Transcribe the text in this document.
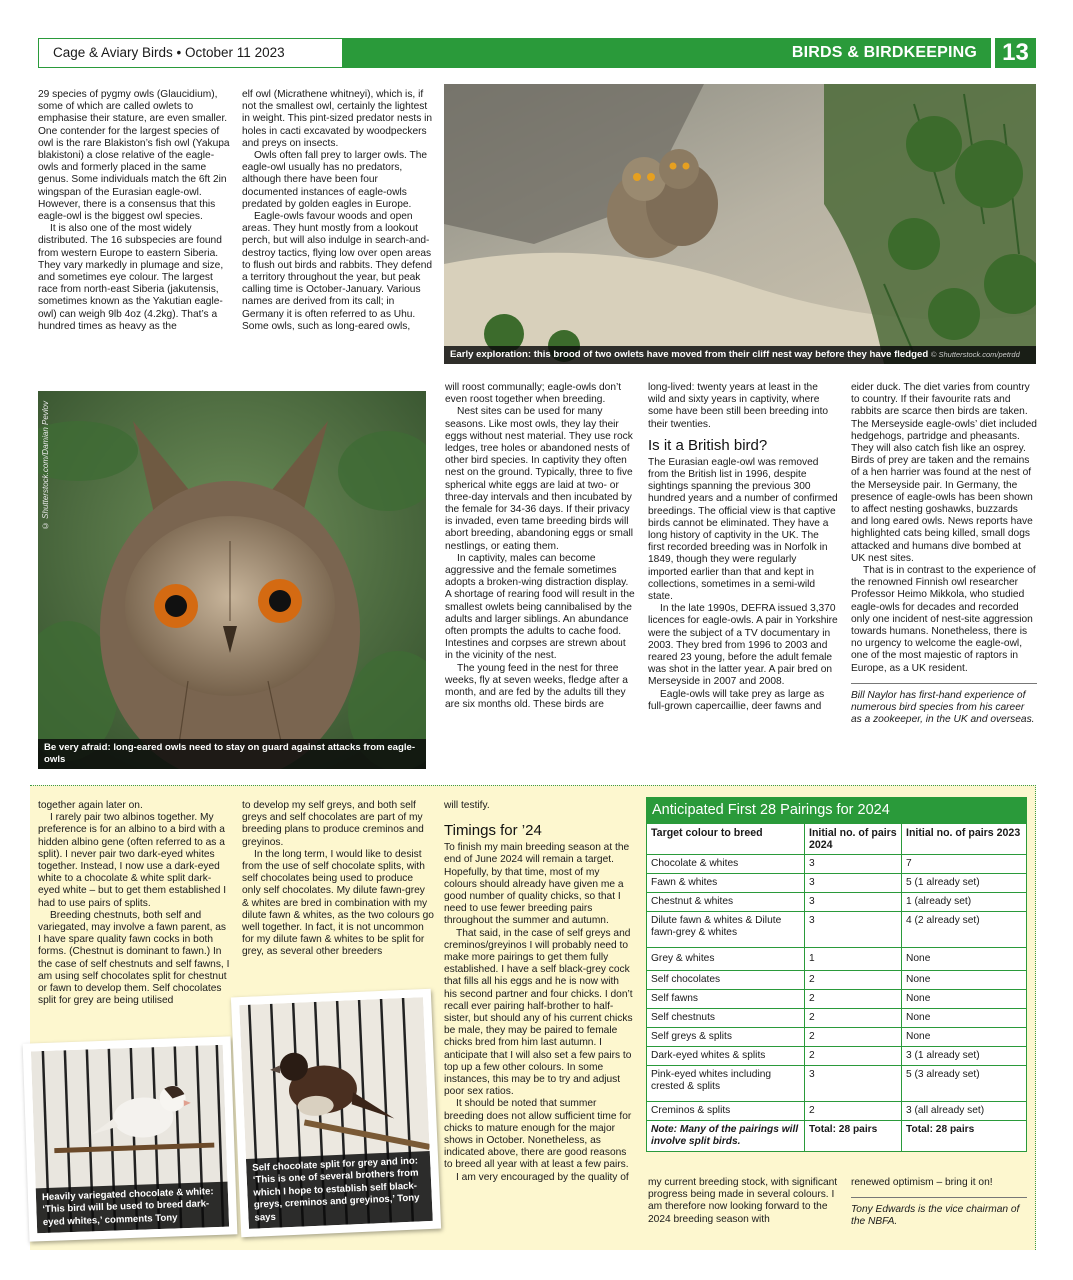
Cage & Aviary Birds • October 11 2023	BIRDS & BIRDKEEPING	13

29 species of pygmy owls (Glaucidium), some of which are called owlets to emphasise their stature, are even smaller. One contender for the largest species of owl is the rare Blakiston’s fish owl (Yakupa blakistoni) a close relative of the eagle-owls and formerly placed in the same genus. Some individuals match the 6ft 2in wingspan of the Eurasian eagle-owl. However, there is a consensus that this eagle-owl is the biggest owl species.

It is also one of the most widely distributed. The 16 subspecies are found from western Europe to eastern Siberia. They vary markedly in plumage and size, and sometimes eye colour. The largest race from north-east Siberia (jakutensis, sometimes known as the Yakutian eagle-owl) can weigh 9lb 4oz (4.2kg). That’s a hundred times as heavy as the

elf owl (Micrathene whitneyi), which is, if not the smallest owl, certainly the lightest in weight. This pint-sized predator nests in holes in cacti excavated by woodpeckers and preys on insects.

Owls often fall prey to larger owls. The eagle-owl usually has no predators, although there have been four documented instances of eagle-owls predated by golden eagles in Europe.

Eagle-owls favour woods and open areas. They hunt mostly from a lookout perch, but will also indulge in search-and-destroy tactics, flying low over open areas to flush out birds and rabbits. They defend a territory throughout the year, but peak calling time is October-January. Various names are derived from its call; in Germany it is often referred to as Uhu. Some owls, such as long-eared owls,

will roost communally; eagle-owls don’t even roost together when breeding.

Nest sites can be used for many seasons. Like most owls, they lay their eggs without nest material. They use rock ledges, tree holes or abandoned nests of other bird species. In captivity they often nest on the ground. Typically, three to five spherical white eggs are laid at two- or three-day intervals and then incubated by the female for 34-36 days. If their privacy is invaded, even tame breeding birds will abort breeding, abandoning eggs or small nestlings, or eating them.

In captivity, males can become aggressive and the female sometimes adopts a broken-wing distraction display. A shortage of rearing food will result in the smallest owlets being cannibalised by the adults and larger siblings. An abundance often prompts the adults to cache food. Intestines and corpses are strewn about in the vicinity of the nest.

The young feed in the nest for three weeks, fly at seven weeks, fledge after a month, and are fed by the adults till they are six months old. These birds are

long-lived: twenty years at least in the wild and sixty years in captivity, where some have been still been breeding into their twenties.

Is it a British bird?

The Eurasian eagle-owl was removed from the British list in 1996, despite sightings spanning the previous 300 hundred years and a number of confirmed breedings. The official view is that captive birds cannot be eliminated. They have a long history of captivity in the UK. The first recorded breeding was in Norfolk in 1849, though they were regularly imported earlier than that and kept in collections, sometimes in a semi-wild state.

In the late 1990s, DEFRA issued 3,370 licences for eagle-owls. A pair in Yorkshire were the subject of a TV documentary in 2003. They bred from 1996 to 2003 and reared 23 young, before the adult female was shot in the latter year. A pair bred on Merseyside in 2007 and 2008.

Eagle-owls will take prey as large as full-grown capercaillie, deer fawns and

eider duck. The diet varies from country to country. If their favourite rats and rabbits are scarce then birds are taken. The Merseyside eagle-owls’ diet included hedgehogs, partridge and pheasants. They will also catch fish like an osprey. Birds of prey are taken and the remains of a hen harrier was found at the nest of the Merseyside pair. In Germany, the presence of eagle-owls has been shown to affect nesting goshawks, buzzards and long eared owls. News reports have highlighted cats being killed, small dogs attacked and humans dive bombed at UK nest sites.

That is in contrast to the experience of the renowned Finnish owl researcher Professor Heimo Mikkola, who studied eagle-owls for decades and recorded only one incident of nest-site aggression towards humans. Nonetheless, there is no urgency to welcome the eagle-owl, one of the most majestic of raptors in Europe, as a UK resident.

Bill Naylor has first-hand experience of numerous bird species from his career as a zookeeper, in the UK and overseas.

Early exploration: this brood of two owlets have moved from their cliff nest way before they have fledged © Shutterstock.com/petrdd
© Shutterstock.com/Damian Pevlov
Be very afraid: long-eared owls need to stay on guard against attacks from eagle-owls

together again later on.

I rarely pair two albinos together. My preference is for an albino to a bird with a hidden albino gene (often referred to as a split). I never pair two dark-eyed whites together. Instead, I now use a dark-eyed white to a chocolate & white split dark-eyed white – but to get them established I had to use pairs of splits.

Breeding chestnuts, both self and variegated, may involve a fawn parent, as I have spare quality fawn cocks in both forms. (Chestnut is dominant to fawn.) In the case of self chestnuts and self fawns, I am using self chocolates split for chestnut or fawn to develop them. Self chocolates split for grey are being utilised

to develop my self greys, and both self greys and self chocolates are part of my breeding plans to produce creminos and greyinos.

In the long term, I would like to desist from the use of self chocolate splits, with self chocolates being used to produce only self chocolates. My dilute fawn-grey & whites are bred in combination with my dilute fawn & whites, as the two colours go well together. In fact, it is not uncommon for my dilute fawn & whites to be split for grey, as several other breeders

will testify.

Timings for ’24

To finish my main breeding season at the end of June 2024 will remain a target. Hopefully, by that time, most of my colours should already have given me a good number of quality chicks, so that I need to use fewer breeding pairs throughout the summer and autumn.

That said, in the case of self greys and creminos/greyinos I will probably need to make more pairings to get them fully established. I have a self black-grey cock that fills all his eggs and he is now with his second partner and four chicks. I don’t recall ever pairing half-brother to half-sister, but should any of his current chicks be male, they may be paired to female chicks bred from him last autumn. I anticipate that I will also set a few pairs to top up a few other colours. In some instances, this may be to try and adjust poor sex ratios.

It should be noted that summer breeding does not allow sufficient time for chicks to mature enough for the major shows in October. Nonetheless, as indicated above, there are good reasons to breed all year with at least a few pairs.

I am very encouraged by the quality of	my current breeding stock, with significant progress being made in several colours. I am therefore now looking forward to the 2024 breeding season with

renewed optimism – bring it on!

Tony Edwards is the vice chairman of the NBFA.

Anticipated First 28 Pairings for 2024
Target colour to breed	Initial no. of pairs 2024	Initial no. of pairs 2023
Chocolate & whites	3	7
Fawn & whites	3	5 (1 already set)
Chestnut & whites	3	1 (already set)
Dilute fawn & whites & Dilute fawn-grey & whites	3	4 (2 already set)
Grey & whites	1	None
Self chocolates	2	None
Self fawns	2	None
Self chestnuts	2	None
Self greys & splits	2	None
Dark-eyed whites & splits	2	3 (1 already set)
Pink-eyed whites including crested & splits	3	5 (3 already set)
Creminos & splits	2	3 (all already set)
Note: Many of the pairings will involve split birds.	Total: 28 pairs	Total: 28 pairs
Heavily variegated chocolate & white: ‘This bird will be used to breed dark-eyed whites,’ comments Tony
Self chocolate split for grey and ino: ‘This is one of several brothers from which I hope to establish self black-greys, creminos and greyinos,’ Tony says
